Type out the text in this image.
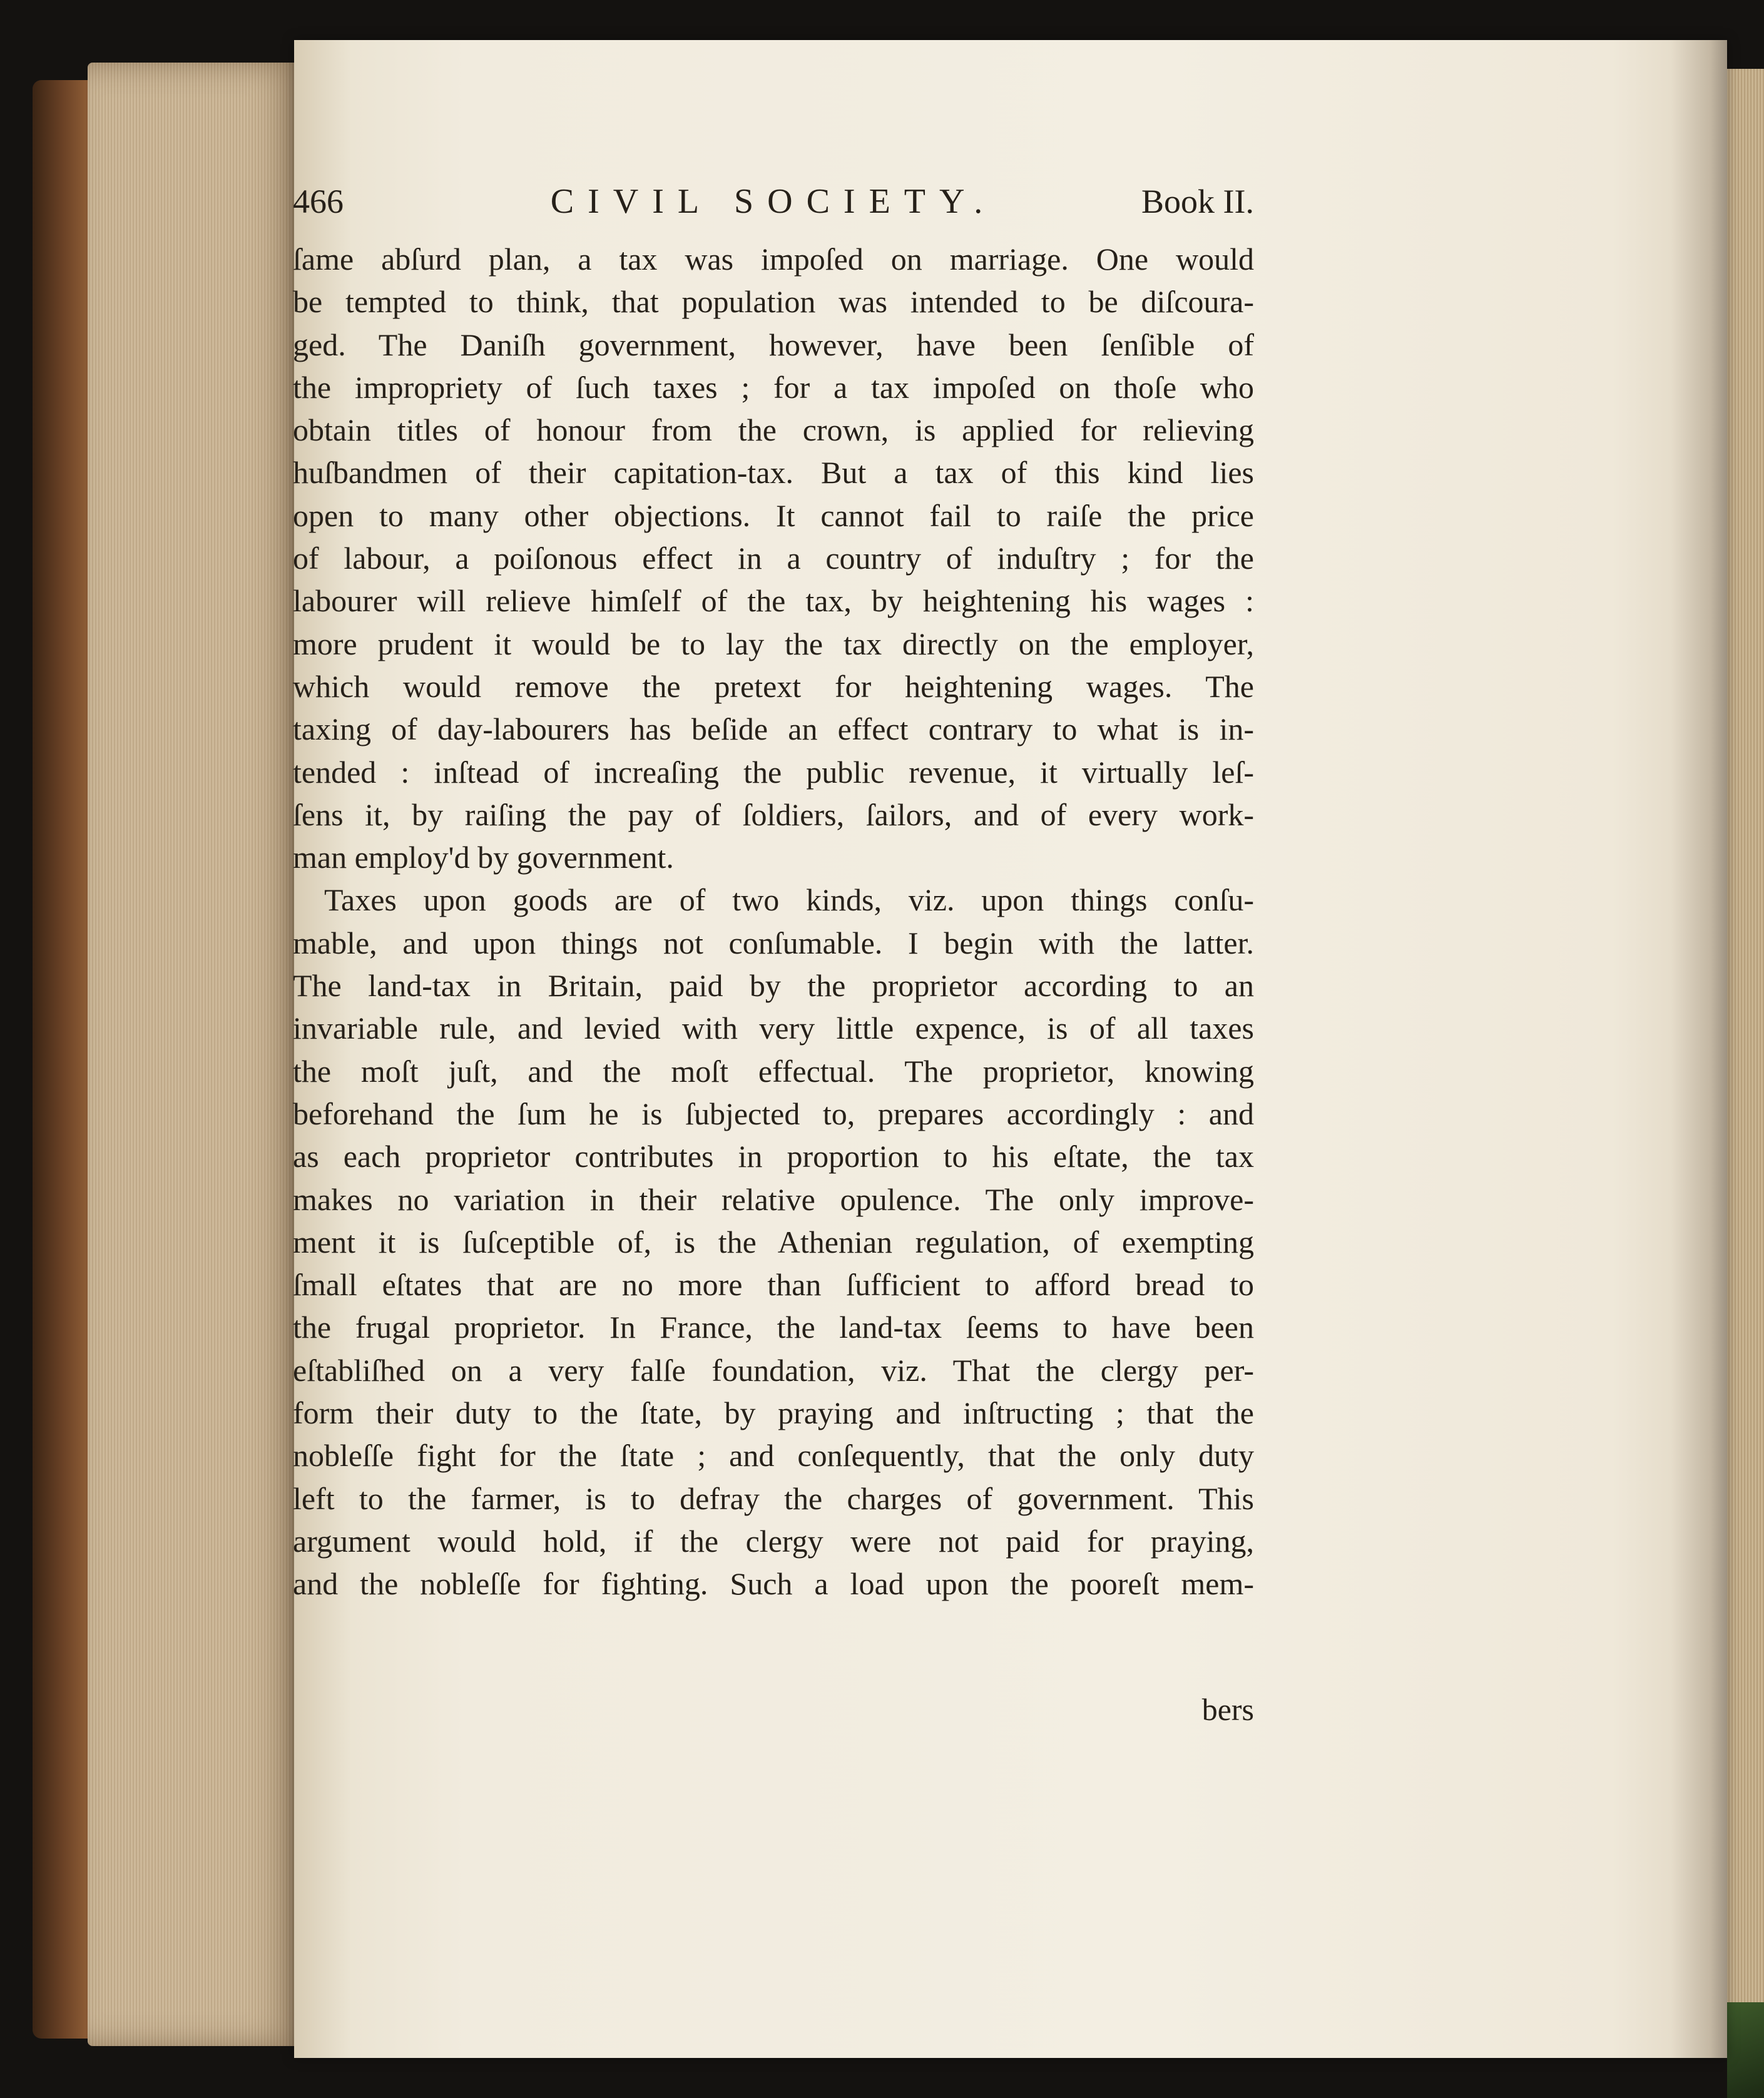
466	CIVIL SOCIETY.	Book II.
ſame abſurd plan, a tax was impoſed on marriage. One would
be tempted to think, that population was intended to be diſcoura-
ged. The Daniſh government, however, have been ſenſible of
the impropriety of ſuch taxes ; for a tax impoſed on thoſe who
obtain titles of honour from the crown, is applied for relieving
huſbandmen of their capitation-tax. But a tax of this kind lies
open to many other objections. It cannot fail to raiſe the price
of labour, a poiſonous effect in a country of induſtry ; for the
labourer will relieve himſelf of the tax, by heightening his wages :
more prudent it would be to lay the tax directly on the employer,
which would remove the pretext for heightening wages. The
taxing of day-labourers has beſide an effect contrary to what is in-
tended : inſtead of increaſing the public revenue, it virtually leſ-
ſens it, by raiſing the pay of ſoldiers, ſailors, and of every work-
man employ'd by government.
Taxes upon goods are of two kinds, viz. upon things conſu-
mable, and upon things not conſumable. I begin with the latter.
The land-tax in Britain, paid by the proprietor according to an
invariable rule, and levied with very little expence, is of all taxes
the moſt juſt, and the moſt effectual. The proprietor, knowing
beforehand the ſum he is ſubjected to, prepares accordingly : and
as each proprietor contributes in proportion to his eſtate, the tax
makes no variation in their relative opulence. The only improve-
ment it is ſuſceptible of, is the Athenian regulation, of exempting
ſmall eſtates that are no more than ſufficient to afford bread to
the frugal proprietor. In France, the land-tax ſeems to have been
eſtabliſhed on a very falſe foundation, viz. That the clergy per-
form their duty to the ſtate, by praying and inſtructing ; that the
nobleſſe fight for the ſtate ; and conſequently, that the only duty
left to the farmer, is to defray the charges of government. This
argument would hold, if the clergy were not paid for praying,
and the nobleſſe for fighting. Such a load upon the pooreſt mem-
bers
